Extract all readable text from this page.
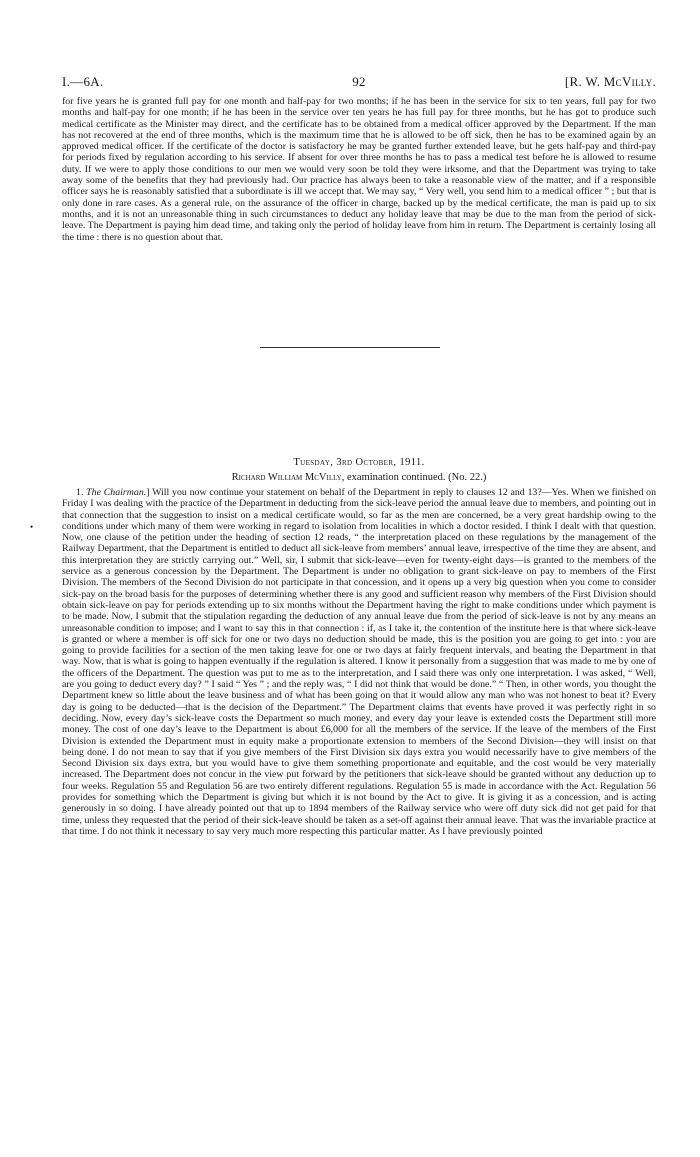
I.—6A.	92	[R. W. McVilly.

for five years he is granted full pay for one month and half-pay for two months; if he has been in the service for six to ten years, full pay for two months and half-pay for one month; if he has been in the service over ten years he has full pay for three months, but he has got to produce such medical certificate as the Minister may direct, and the certificate has to be obtained from a medical officer approved by the Department. If the man has not recovered at the end of three months, which is the maximum time that he is allowed to be off sick, then he has to be examined again by an approved medical officer. If the certificate of the doctor is satisfactory he may be granted further extended leave, but he gets half-pay and third-pay for periods fixed by regulation according to his service. If absent for over three months he has to pass a medical test before he is allowed to resume duty. If we were to apply those conditions to our men we would very soon be told they were irksome, and that the Department was trying to take away some of the benefits that they had previously had. Our practice has always been to take a reasonable view of the matter, and if a responsible officer says he is reasonably satisfied that a subordinate is ill we accept that. We may say, “ Very well, you send him to a medical officer ” ; but that is only done in rare cases. As a general rule, on the assurance of the officer in charge, backed up by the medical certificate, the man is paid up to six months, and it is not an unreasonable thing in such circumstances to deduct any holiday leave that may be due to the man from the period of sick-leave. The Department is paying him dead time, and taking only the period of holiday leave from him in return. The Department is certainly losing all the time : there is no question about that.

Tuesday, 3rd October, 1911.

Richard William McVilly, examination continued. (No. 22.)

•

1. The Chairman.] Will you now continue your statement on behalf of the Department in reply to clauses 12 and 13?—Yes. When we finished on Friday I was dealing with the practice of the Department in deducting from the sick-leave period the annual leave due to members, and pointing out in that connection that the suggestion to insist on a medical certificate would, so far as the men are concerned, be a very great hardship owing to the conditions under which many of them were working in regard to isolation from localities in which a doctor resided. I think I dealt with that question. Now, one clause of the petition under the heading of section 12 reads, “ the interpretation placed on these regulations by the management of the Railway Department, that the Department is entitled to deduct all sick-leave from members’ annual leave, irrespective of the time they are absent, and this interpretation they are strictly carrying out.” Well, sir, I submit that sick-leave—even for twenty-eight days—is granted to the members of the service as a generous concession by the Department. The Department is under no obligation to grant sick-leave on pay to members of the First Division. The members of the Second Division do not participate in that concession, and it opens up a very big question when you come to consider sick-pay on the broad basis for the purposes of determining whether there is any good and sufficient reason why members of the First Division should obtain sick-leave on pay for periods extending up to six months without the Department having the right to make conditions under which payment is to be made. Now, I submit that the stipulation regarding the deduction of any annual leave due from the period of sick-leave is not by any means an unreasonable condition to impose; and I want to say this in that connection : if, as I take it, the contention of the institute here is that where sick-leave is granted or where a member is off sick for one or two days no deduction should be made, this is the position you are going to get into : you are going to provide facilities for a section of the men taking leave for one or two days at fairly frequent intervals, and beating the Department in that way. Now, that is what is going to happen eventually if the regulation is altered. I know it personally from a suggestion that was made to me by one of the officers of the Department. The question was put to me as to the interpretation, and I said there was only one interpretation. I was asked, “ Well, are you going to deduct every day? ” I said “ Yes ” ; and the reply was, “ I did not think that would be done.” “ Then, in other words, you thought the Department knew so little about the leave business and of what has been going on that it would allow any man who was not honest to beat it? Every day is going to be deducted—that is the decision of the Department.” The Department claims that events have proved it was perfectly right in so deciding. Now, every day’s sick-leave costs the Department so much money, and every day your leave is extended costs the Department still more money. The cost of one day’s leave to the Department is about £6,000 for all the members of the service. If the leave of the members of the First Division is extended the Department must in equity make a proportionate extension to members of the Second Division—they will insist on that being done. I do not mean to say that if you give members of the First Division six days extra you would necessarily have to give members of the Second Division six days extra, but you would have to give them something proportionate and equitable, and the cost would be very materially increased. The Department does not concur in the view put forward by the petitioners that sick-leave should be granted without any deduction up to four weeks. Regulation 55 and Regulation 56 are two entirely different regulations. Regulation 55 is made in accordance with the Act. Regulation 56 provides for something which the Department is giving but which it is not bound by the Act to give. It is giving it as a concession, and is acting generously in so doing. I have already pointed out that up to 1894 members of the Railway service who were off duty sick did not get paid for that time, unless they requested that the period of their sick-leave should be taken as a set-off against their annual leave. That was the invariable practice at that time. I do not think it necessary to say very much more respecting this particular matter. As I have previously pointed
